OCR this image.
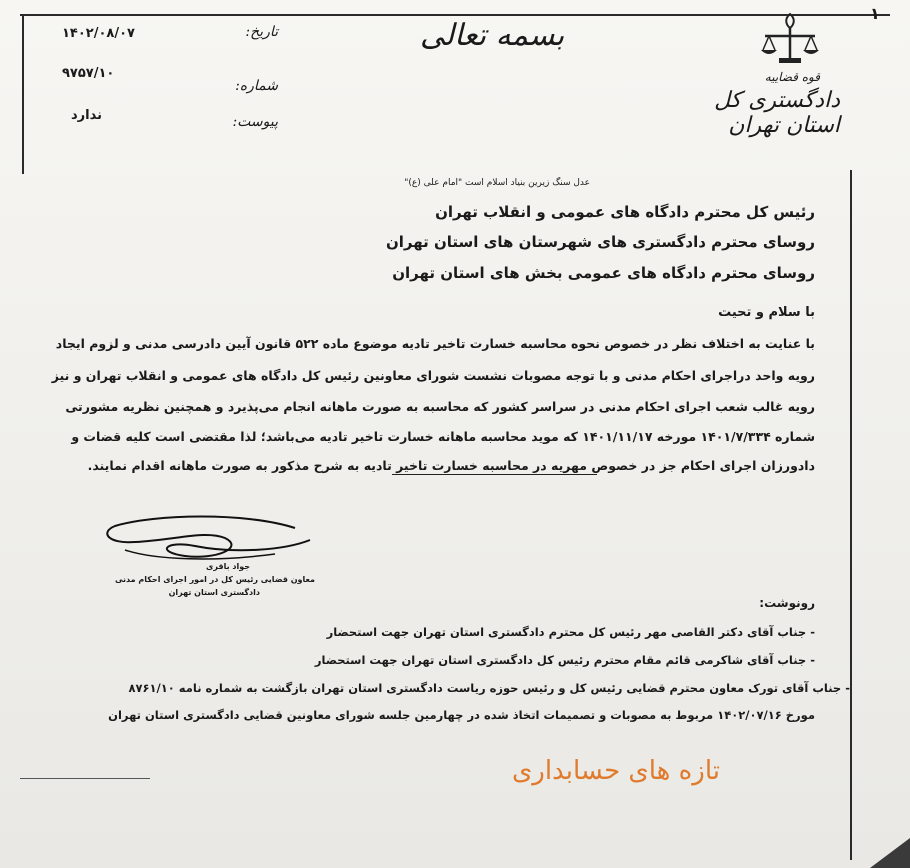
۱
۱۴۰۲/۰۸/۰۷	تاریخ:
۹۷۵۷/۱۰
شماره:
ندارد	پیوست:
بسمه تعالی
قوه قضاییه
دادگستری کل استان تهران
عدل سنگ زیرین بنیاد اسلام است "امام علی (ع)"
رئیس کل محترم دادگاه های عمومی و انقلاب تهران
روسای محترم دادگستری های شهرستان های استان تهران
روسای محترم دادگاه های عمومی بخش های استان تهران
با سلام و تحیت
با عنایت به اختلاف نظر در خصوص نحوه محاسبه خسارت تاخیر تادیه موضوع ماده ۵۲۲ قانون آیین دادرسی مدنی و لزوم ایجاد
رویه واحد دراجرای احکام مدنی و با توجه مصوبات نشست شورای معاونین رئیس کل دادگاه های عمومی و انقلاب تهران و نیز
رویه غالب شعب اجرای احکام مدنی در سراسر کشور که محاسبه به صورت ماهانه انجام می‌پذیرد و همچنین نظریه مشورتی
شماره ۱۴۰۱/۷/۳۳۴ مورخه ۱۴۰۱/۱۱/۱۷ که موید محاسبه ماهانه خسارت تاخیر تادیه می‌باشد؛ لذا مقتضی است کلیه قضات و
دادورزان اجرای احکام جز در خصوص مهریه در محاسبه خسارت تاخیر تادیه به شرح مذکور به صورت ماهانه اقدام نمایند.
جواد باقری
معاون قضایی رئیس کل در امور اجرای احکام مدنی
دادگستری استان تهران
رونوشت:
- جناب آقای دکتر القاصی مهر رئیس کل محترم دادگستری استان تهران جهت استحضار
- جناب آقای شاکرمی قائم مقام محترم رئیس کل دادگستری استان تهران جهت استحضار
- جناب آقای تورک معاون محترم قضایی رئیس کل و رئیس حوزه ریاست دادگستری استان تهران بازگشت به شماره نامه ۸۷۶۱/۱۰
مورخ ۱۴۰۲/۰۷/۱۶ مربوط به مصوبات و تصمیمات اتخاذ شده در چهارمین جلسه شورای معاونین قضایی دادگستری استان تهران
تازه های حسابداری
